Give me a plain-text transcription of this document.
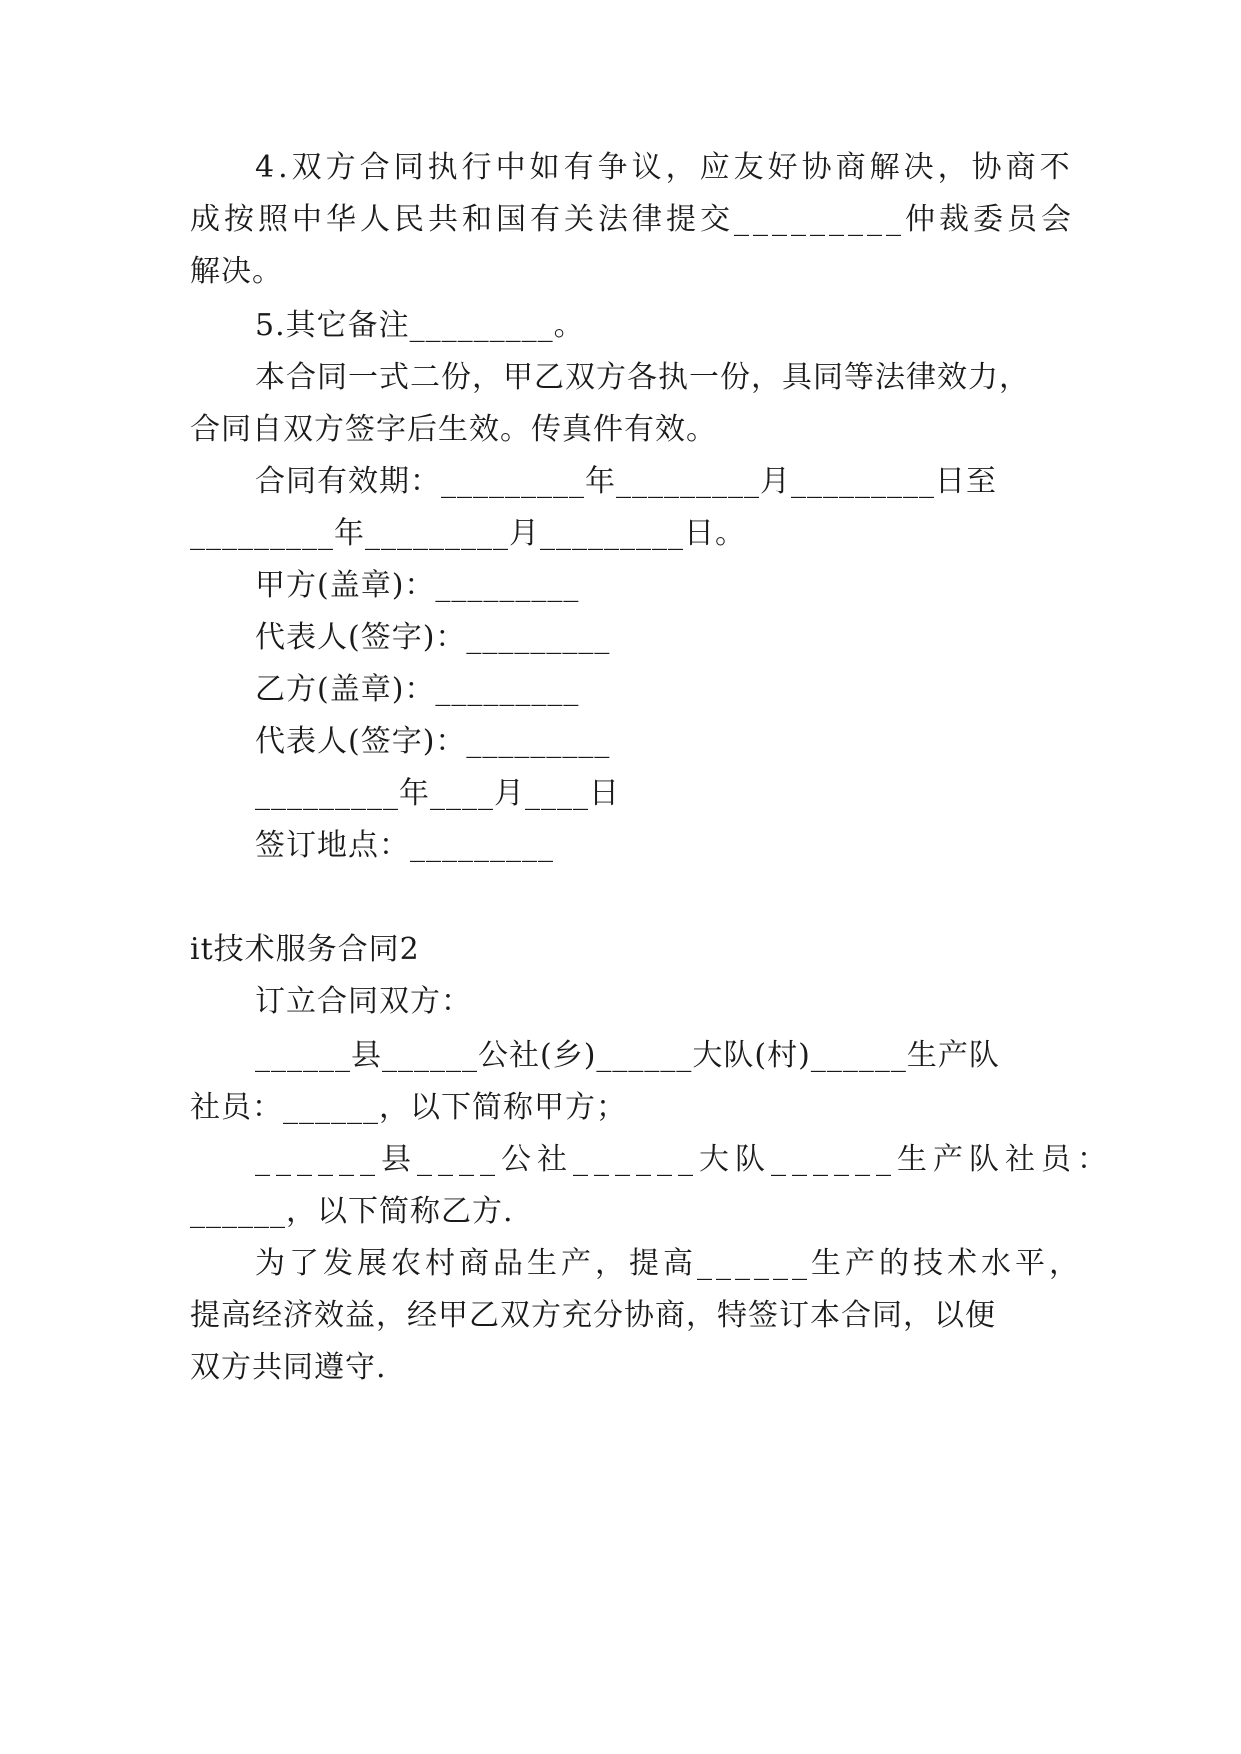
4.双方合同执行中如有争议，应友好协商解决，协商不
成按照中华人民共和国有关法律提交_________仲裁委员会
解决。
5.其它备注_________。
本合同一式二份，甲乙双方各执一份，具同等法律效力，
合同自双方签字后生效。传真件有效。
合同有效期：_________年_________月_________日至
_________年_________月_________日。
甲方(盖章)：_________
代表人(签字)：_________
乙方(盖章)：_________
代表人(签字)：_________
_________年____月____日
签订地点：_________
it技术服务合同2
订立合同双方：
______县______公社(乡)______大队(村)______生产队
社员：______，以下简称甲方；
______县____公社______大队______生产队社员：
______，以下简称乙方.
为了发展农村商品生产，提高______生产的技术水平，
提高经济效益，经甲乙双方充分协商，特签订本合同，以便
双方共同遵守.
